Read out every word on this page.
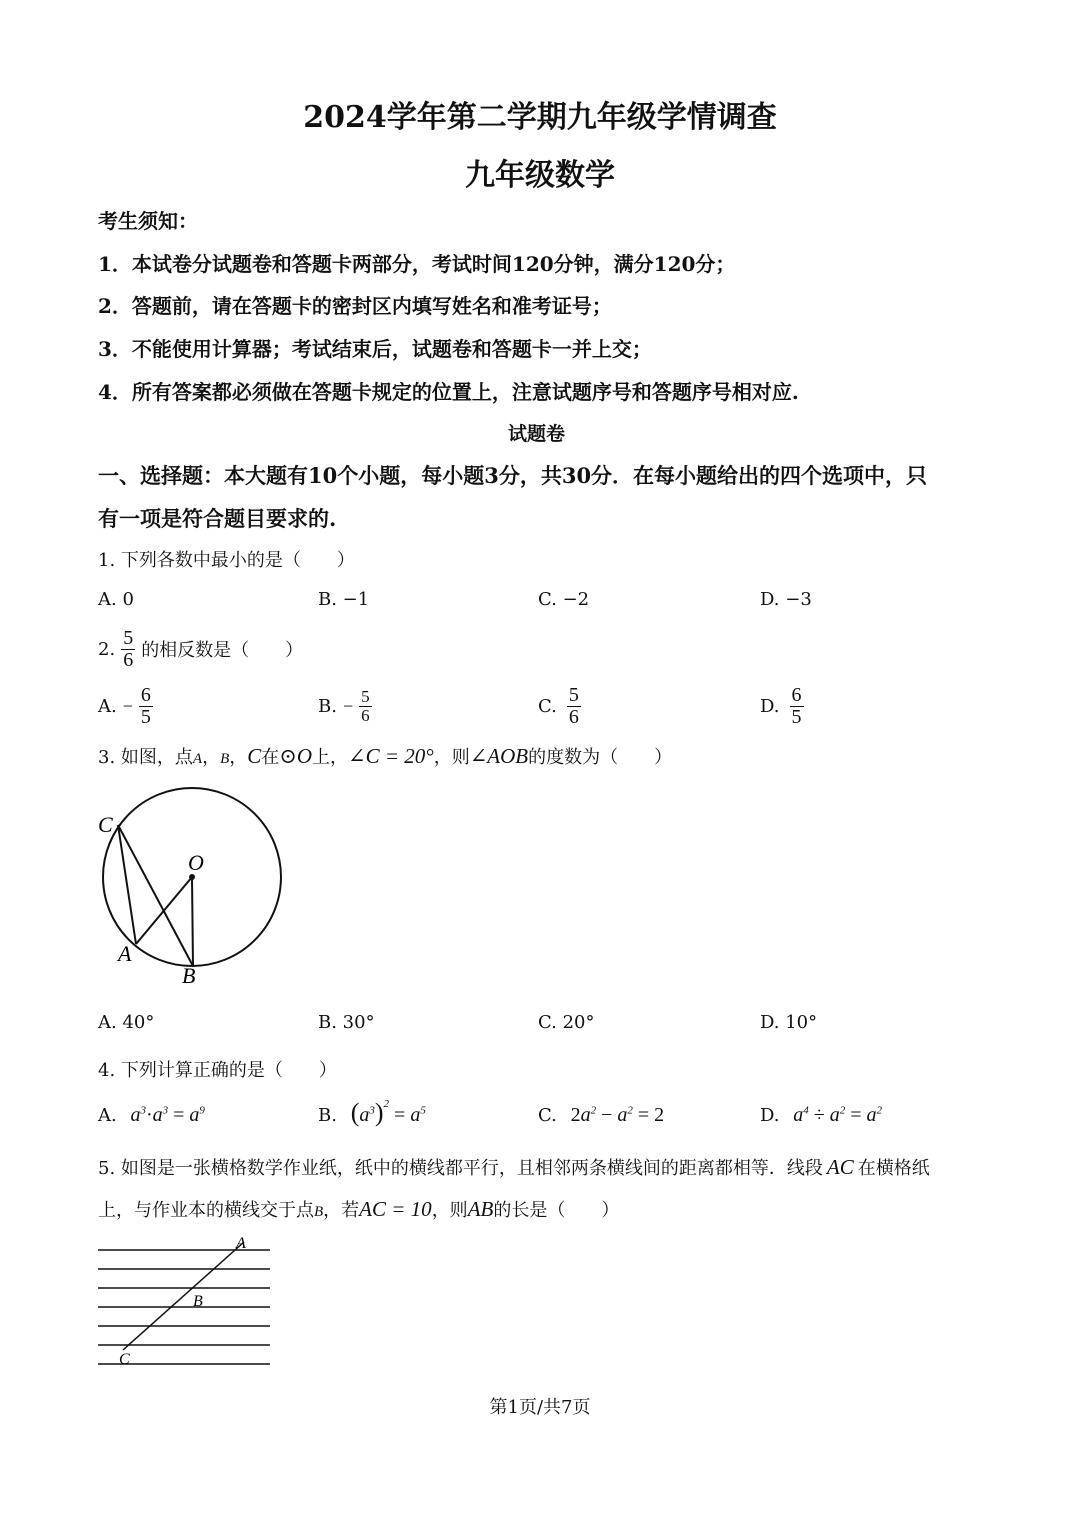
2024学年第二学期九年级学情调查
九年级数学
考生须知：
1．本试卷分试题卷和答题卡两部分，考试时间120分钟，满分120分；
2．答题前，请在答题卡的密封区内填写姓名和准考证号；
3．不能使用计算器；考试结束后，试题卷和答题卡一并上交；
4．所有答案都必须做在答题卡规定的位置上，注意试题序号和答题序号相对应.
试题卷
一、选择题：本大题有10个小题，每小题3分，共30分．在每小题给出的四个选项中，只
有一项是符合题目要求的.
1. 下列各数中最小的是（　　）
A. 0	B. −1	C. −2	D. −3
2. $\frac{5}{6}$ 的相反数是（　　）
A. − $\frac{6}{5}$	B. − $\frac{5}{6}$	C. $\frac{5}{6}$	D. $\frac{6}{5}$
3. 如图，点A，B，C在⊙O上，∠C = 20°，则∠AOB的度数为（　　）
C
O
A
B
A. 40°	B. 30°	C. 20°	D. 10°
4. 下列计算正确的是（　　）
A. $a^3\cdot a^3 = a^9$	B. $(a^3)^2 = a^5$	C. $2a^2 - a^2 = 2$	D. $a^4 \div a^2 = a^2$
5. 如图是一张横格数学作业纸，纸中的横线都平行，且相邻两条横线间的距离都相等．线段 AC 在横格纸
上，与作业本的横线交于点B，若AC = 10，则AB的长是（　　）
A
B
C
第1页/共7页
